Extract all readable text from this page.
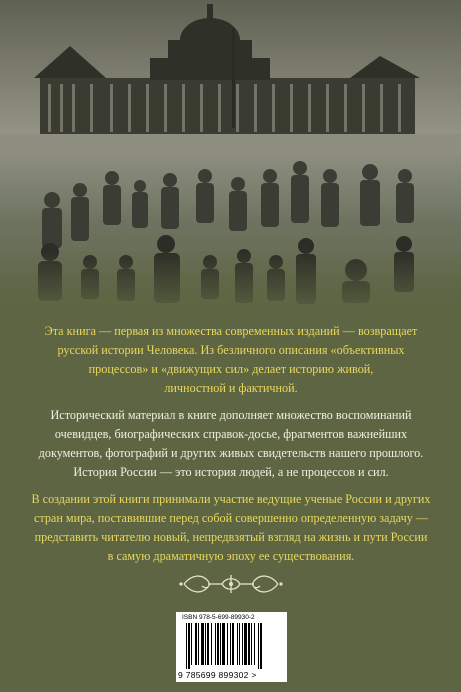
Эта книга — первая из множества современных изданий — возвращает
русской истории Человека. Из безличного описания «объективных
процессов» и «движущих сил» делает историю живой,
личностной и фактичной.

Исторический материал в книге дополняет множество воспоминаний
очевидцев, биографических справок-досье, фрагментов важнейших
документов, фотографий и других живых свидетельств нашего прошлого.
История России — это история людей, а не процессов и сил.

В создании этой книги принимали участие ведущие ученые России и других
стран мира, поставившие перед собой совершенно определенную задачу —
представить читателю новый, непредвзятый взгляд на жизнь и пути России
в самую драматичную эпоху ее существования.

ISBN 978-5-699-89930-2
9 785699 899302 >
